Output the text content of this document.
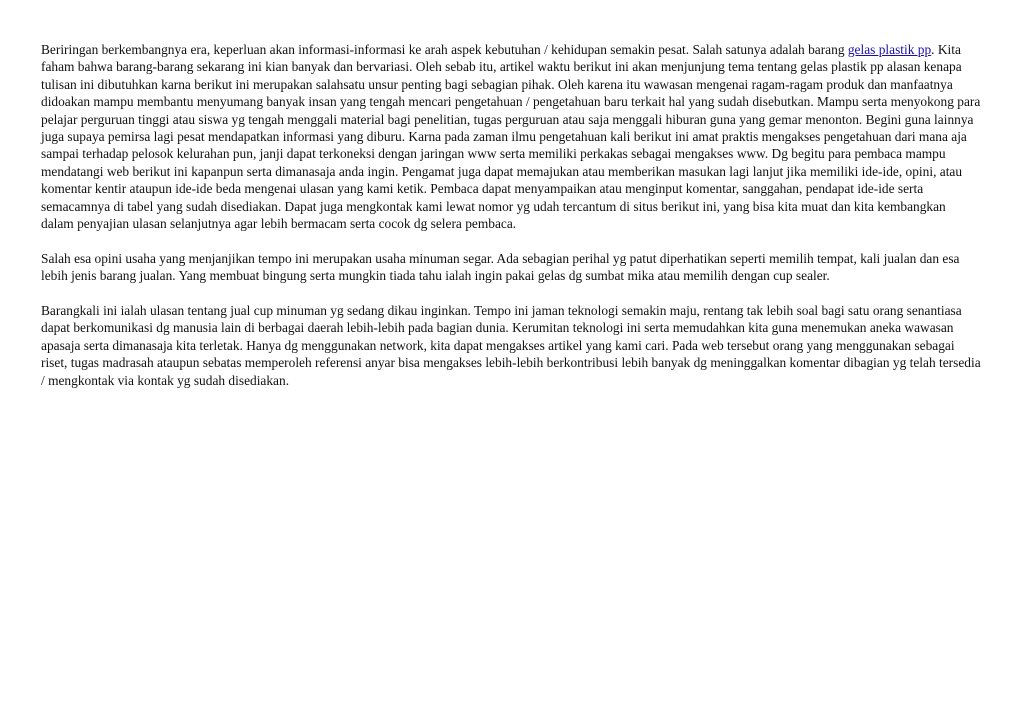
Beriringan berkembangnya era, keperluan akan informasi-informasi ke arah aspek kebutuhan / kehidupan semakin pesat. Salah satunya adalah barang gelas plastik pp. Kita faham bahwa barang-barang sekarang ini kian banyak dan bervariasi. Oleh sebab itu, artikel waktu berikut ini akan menjunjung tema tentang gelas plastik pp alasan kenapa tulisan ini dibutuhkan karna berikut ini merupakan salahsatu unsur penting bagi sebagian pihak. Oleh karena itu wawasan mengenai ragam-ragam produk dan manfaatnya didoakan mampu membantu menyumang banyak insan yang tengah mencari pengetahuan / pengetahuan baru terkait hal yang sudah disebutkan. Mampu serta menyokong para pelajar perguruan tinggi atau siswa yg tengah menggali material bagi penelitian, tugas perguruan atau saja menggali hiburan guna yang gemar menonton. Begini guna lainnya juga supaya pemirsa lagi pesat mendapatkan informasi yang diburu. Karna pada zaman ilmu pengetahuan kali berikut ini amat praktis mengakses pengetahuan dari mana aja sampai terhadap pelosok kelurahan pun, janji dapat terkoneksi dengan jaringan www serta memiliki perkakas sebagai mengakses www. Dg begitu para pembaca mampu mendatangi web berikut ini kapanpun serta dimanasaja anda ingin. Pengamat juga dapat memajukan atau memberikan masukan lagi lanjut jika memiliki ide-ide, opini, atau komentar kentir ataupun ide-ide beda mengenai ulasan yang kami ketik. Pembaca dapat menyampaikan atau menginput komentar, sanggahan, pendapat ide-ide serta semacamnya di tabel yang sudah disediakan. Dapat juga mengkontak kami lewat nomor yg udah tercantum di situs berikut ini, yang bisa kita muat dan kita kembangkan dalam penyajian ulasan selanjutnya agar lebih bermacam serta cocok dg selera pembaca.

Salah esa opini usaha yang menjanjikan tempo ini merupakan usaha minuman segar. Ada sebagian perihal yg patut diperhatikan seperti memilih tempat, kali jualan dan esa lebih jenis barang jualan. Yang membuat bingung serta mungkin tiada tahu ialah ingin pakai gelas dg sumbat mika atau memilih dengan cup sealer.

Barangkali ini ialah ulasan tentang jual cup minuman yg sedang dikau inginkan. Tempo ini jaman teknologi semakin maju, rentang tak lebih soal bagi satu orang senantiasa dapat berkomunikasi dg manusia lain di berbagai daerah lebih-lebih pada bagian dunia. Kerumitan teknologi ini serta memudahkan kita guna menemukan aneka wawasan apasaja serta dimanasaja kita terletak. Hanya dg menggunakan network, kita dapat mengakses artikel yang kami cari. Pada web tersebut orang yang menggunakan sebagai riset, tugas madrasah ataupun sebatas memperoleh referensi anyar bisa mengakses lebih-lebih berkontribusi lebih banyak dg meninggalkan komentar dibagian yg telah tersedia / mengkontak via kontak yg sudah disediakan.
